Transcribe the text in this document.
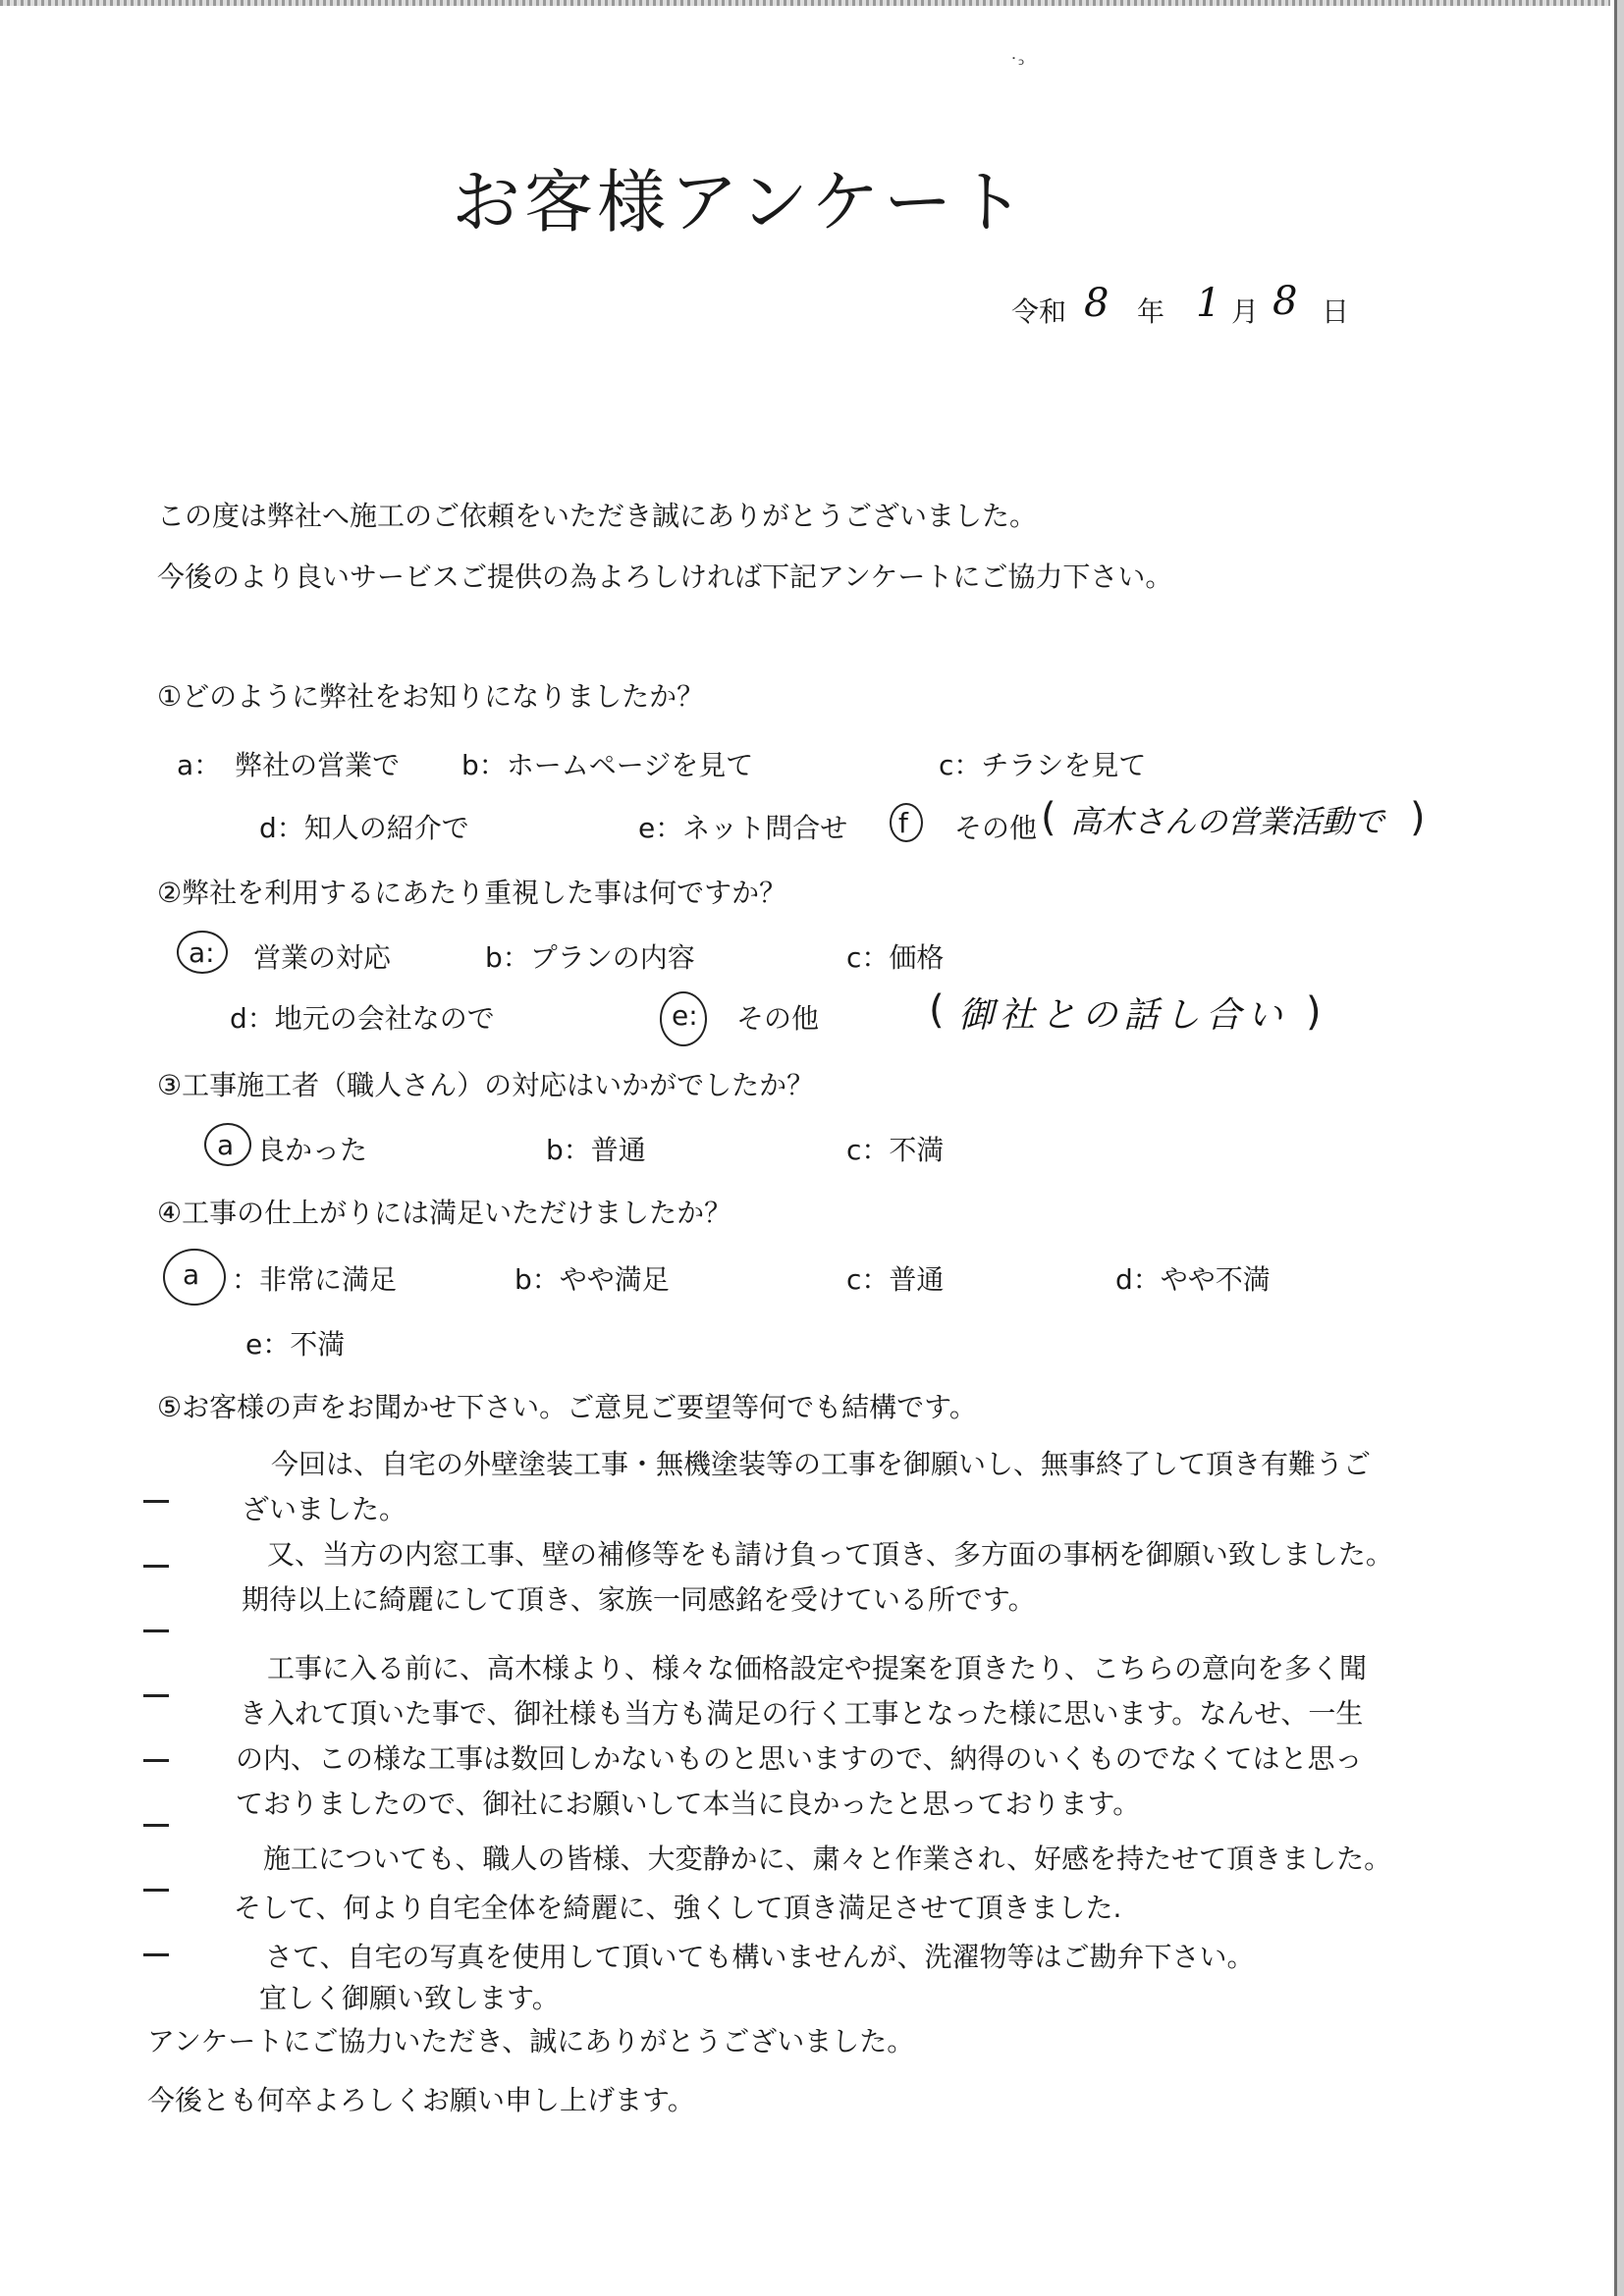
˙ᵓ
お客様アンケート
令和 8 年 1 月 8 日
この度は弊社へ施工のご依頼をいただき誠にありがとうございました。
今後のより良いサービスご提供の為よろしければ下記アンケートにご協力下さい。
①どのように弊社をお知りになりましたか？
a：　弊社の営業で b：ホームページを見て	c：チラシを見て
d：知人の紹介で	e：ネット問合せ f その他 ( 高木さんの営業活動で )
②弊社を利用するにあたり重視した事は何ですか？
a: 営業の対応	b：プランの内容	c：価格
d：地元の会社なので	e: その他	( 御社との話し合い )
③工事施工者（職人さん）の対応はいかがでしたか？
a 良かった	b：普通	c：不満
④工事の仕上がりには満足いただけましたか？
a ：非常に満足	b：やや満足	c：普通	d：やや不満
e：不満
⑤お客様の声をお聞かせ下さい。ご意見ご要望等何でも結構です。
今回は、自宅の外壁塗装工事・無機塗装等の工事を御願いし、無事終了して頂き有難うご
ざいました。
又、当方の内窓工事、壁の補修等をも請け負って頂き、多方面の事柄を御願い致しました。
期待以上に綺麗にして頂き、家族一同感銘を受けている所です。
工事に入る前に、高木様より、様々な価格設定や提案を頂きたり、こちらの意向を多く聞
き入れて頂いた事で、御社様も当方も満足の行く工事となった様に思います。なんせ、一生
の内、この様な工事は数回しかないものと思いますので、納得のいくものでなくてはと思っ
ておりましたので、御社にお願いして本当に良かったと思っております。
施工についても、職人の皆様、大変静かに、粛々と作業され、好感を持たせて頂きました。
そして、何より自宅全体を綺麗に、強くして頂き満足させて頂きました.
さて、自宅の写真を使用して頂いても構いませんが、洗濯物等はご勘弁下さい。
宜しく御願い致します。
アンケートにご協力いただき、誠にありがとうございました。
今後とも何卒よろしくお願い申し上げます。
